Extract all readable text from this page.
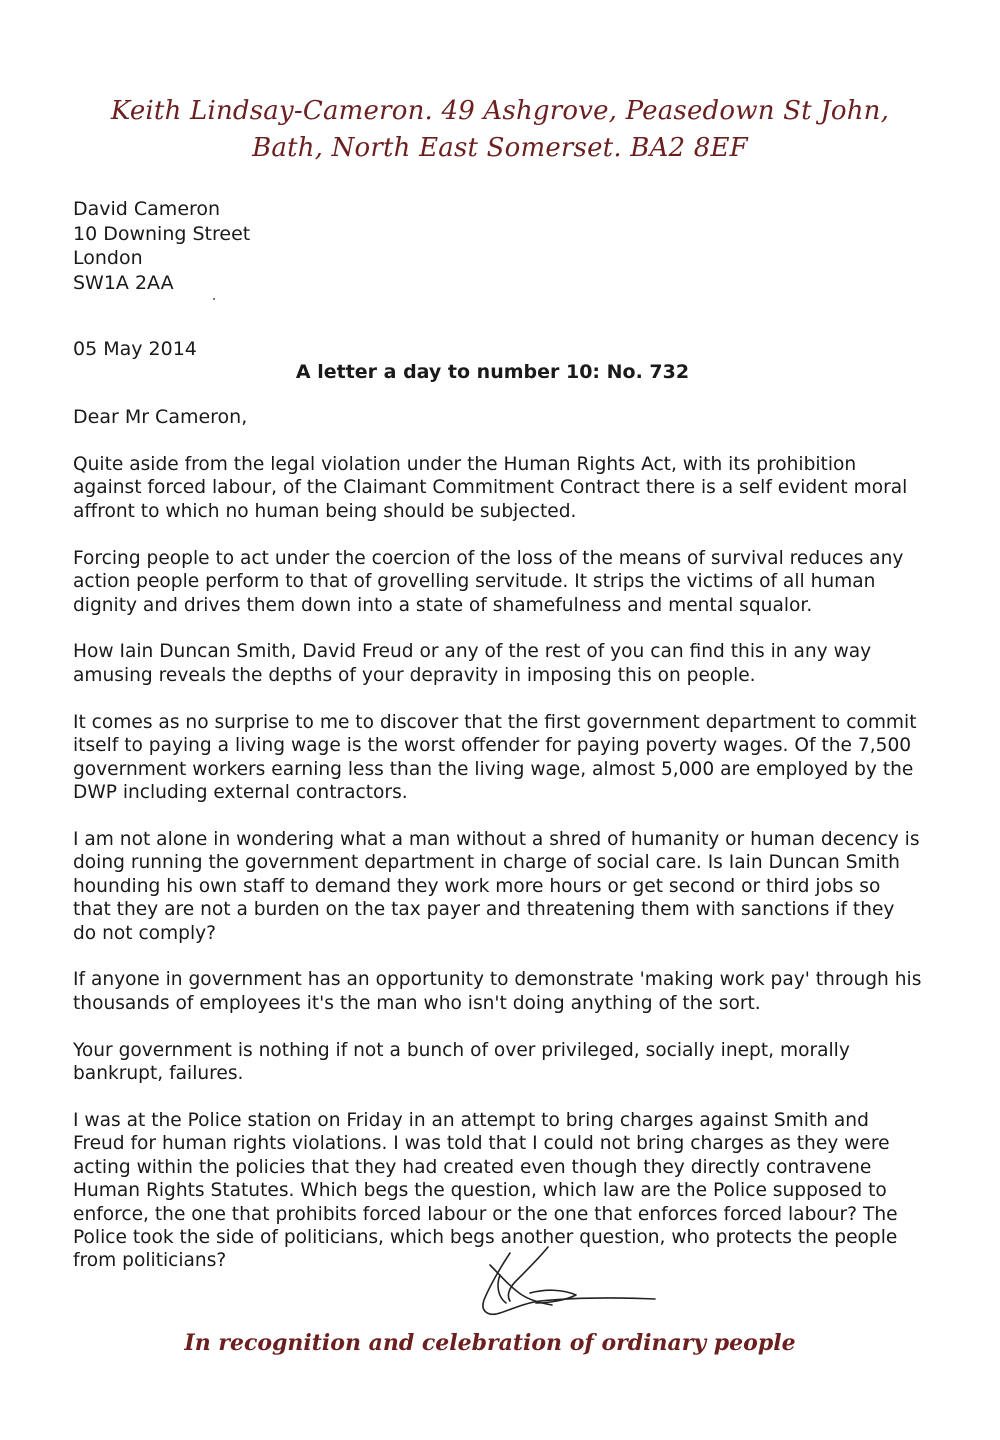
Keith Lindsay-Cameron. 49 Ashgrove, Peasedown St John, Bath, North East Somerset. BA2 8EF
David Cameron
10 Downing Street
London
SW1A 2AA
05 May 2014
A letter a day to number 10: No. 732
Dear Mr Cameron,

Quite aside from the legal violation under the Human Rights Act, with its prohibition against forced labour, of the Claimant Commitment Contract there is a self evident moral affront to which no human being should be subjected.

Forcing people to act under the coercion of the loss of the means of survival reduces any action people perform to that of grovelling servitude. It strips the victims of all human dignity and drives them down into a state of shamefulness and mental squalor.

How Iain Duncan Smith, David Freud or any of the rest of you can find this in any way amusing reveals the depths of your depravity in imposing this on people.

It comes as no surprise to me to discover that the first government department to commit itself to paying a living wage is the worst offender for paying poverty wages. Of the 7,500 government workers earning less than the living wage, almost 5,000 are employed by the DWP including external contractors.

I am not alone in wondering what a man without a shred of humanity or human decency is doing running the government department in charge of social care. Is Iain Duncan Smith hounding his own staff to demand they work more hours or get second or third jobs so that they are not a burden on the tax payer and threatening them with sanctions if they do not comply?

If anyone in government has an opportunity to demonstrate 'making work pay' through his thousands of employees it's the man who isn't doing anything of the sort.

Your government is nothing if not a bunch of over privileged, socially inept, morally bankrupt, failures.

I was at the Police station on Friday in an attempt to bring charges against Smith and Freud for human rights violations. I was told that I could not bring charges as they were acting within the policies that they had created even though they directly contravene Human Rights Statutes. Which begs the question, which law are the Police supposed to enforce, the one that prohibits forced labour or the one that enforces forced labour? The Police took the side of politicians, which begs another question, who protects the people from politicians?

In recognition and celebration of ordinary people
